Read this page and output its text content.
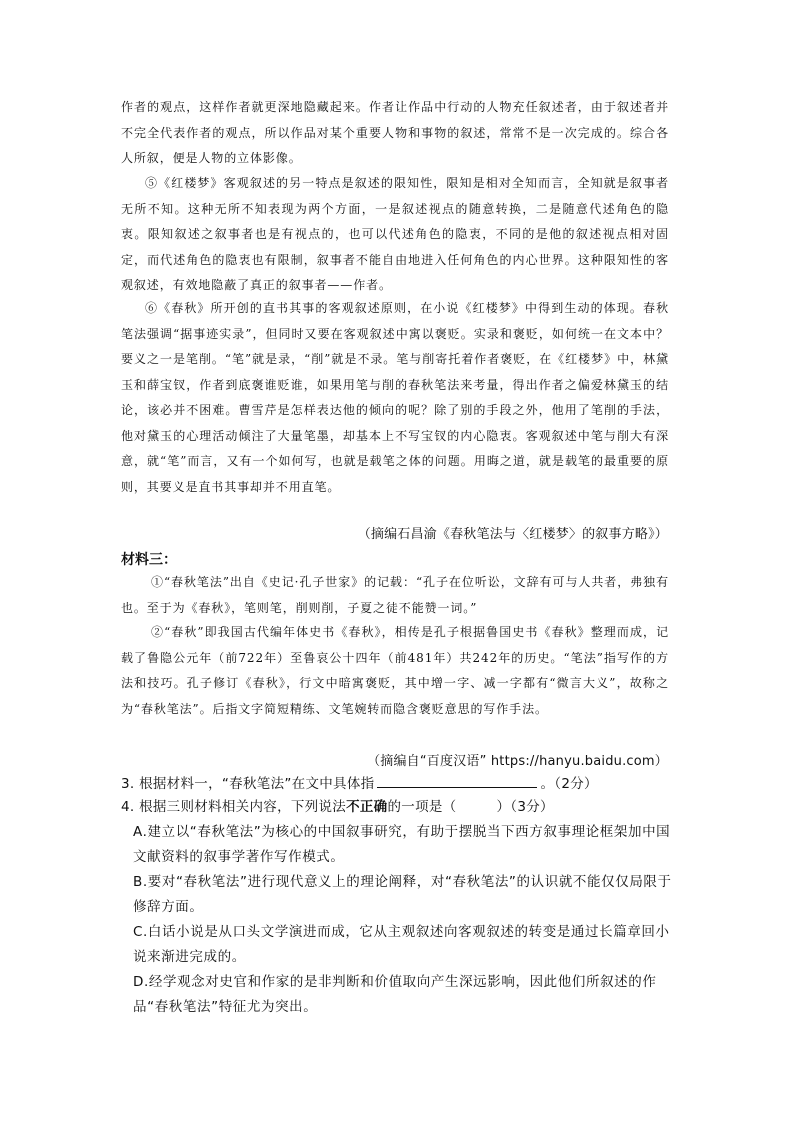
作者的观点，这样作者就更深地隐藏起来。作者让作品中行动的人物充任叙述者，由于叙述者并不完全代表作者的观点，所以作品对某个重要人物和事物的叙述，常常不是一次完成的。综合各人所叙，便是人物的立体影像。

⑤《红楼梦》客观叙述的另一特点是叙述的限知性，限知是相对全知而言，全知就是叙事者无所不知。这种无所不知表现为两个方面，一是叙述视点的随意转换，二是随意代述角色的隐衷。限知叙述之叙事者也是有视点的，也可以代述角色的隐衷，不同的是他的叙述视点相对固定，而代述角色的隐衷也有限制，叙事者不能自由地进入任何角色的内心世界。这种限知性的客观叙述，有效地隐蔽了真正的叙事者——作者。

⑥《春秋》所开创的直书其事的客观叙述原则，在小说《红楼梦》中得到生动的体现。春秋笔法强调“据事迹实录”，但同时又要在客观叙述中寓以褒贬。实录和褒贬，如何统一在文本中？要义之一是笔削。“笔”就是录，“削”就是不录。笔与削寄托着作者褒贬，在《红楼梦》中，林黛玉和薛宝钗，作者到底褒谁贬谁，如果用笔与削的春秋笔法来考量，得出作者之偏爱林黛玉的结论，该必并不困难。曹雪芹是怎样表达他的倾向的呢？除了别的手段之外，他用了笔削的手法，他对黛玉的心理活动倾注了大量笔墨，却基本上不写宝钗的内心隐衷。客观叙述中笔与削大有深意，就“笔”而言，又有一个如何写，也就是载笔之体的问题。用晦之道，就是载笔的最重要的原则，其要义是直书其事却并不用直笔。

（摘编石昌渝《春秋笔法与〈红楼梦〉的叙事方略》）
材料三：

①“春秋笔法”出自《史记·孔子世家》的记载：“孔子在位听讼，文辞有可与人共者，弗独有也。至于为《春秋》，笔则笔，削则削，子夏之徒不能赞一词。”

②“春秋”即我国古代编年体史书《春秋》，相传是孔子根据鲁国史书《春秋》整理而成，记载了鲁隐公元年（前722年）至鲁哀公十四年（前481年）共242年的历史。“笔法”指写作的方法和技巧。孔子修订《春秋》，行文中暗寓褒贬，其中增一字、减一字都有“微言大义”，故称之为“春秋笔法”。后指文字简短精练、文笔婉转而隐含褒贬意思的写作手法。

（摘编自“百度汉语” https://hanyu.baidu.com）
3. 根据材料一，“春秋笔法”在文中具体指	。（2分）
4. 根据三则材料相关内容，下列说法不正确的一项是（	）（3分）

A.建立以“春秋笔法”为核心的中国叙事研究，有助于摆脱当下西方叙事理论框架加中国文献资料的叙事学著作写作模式。

B.要对“春秋笔法”进行现代意义上的理论阐释，对“春秋笔法”的认识就不能仅仅局限于修辞方面。

C.白话小说是从口头文学演进而成，它从主观叙述向客观叙述的转变是通过长篇章回小说来渐进完成的。

D.经学观念对史官和作家的是非判断和价值取向产生深远影响，因此他们所叙述的作品“春秋笔法”特征尤为突出。
